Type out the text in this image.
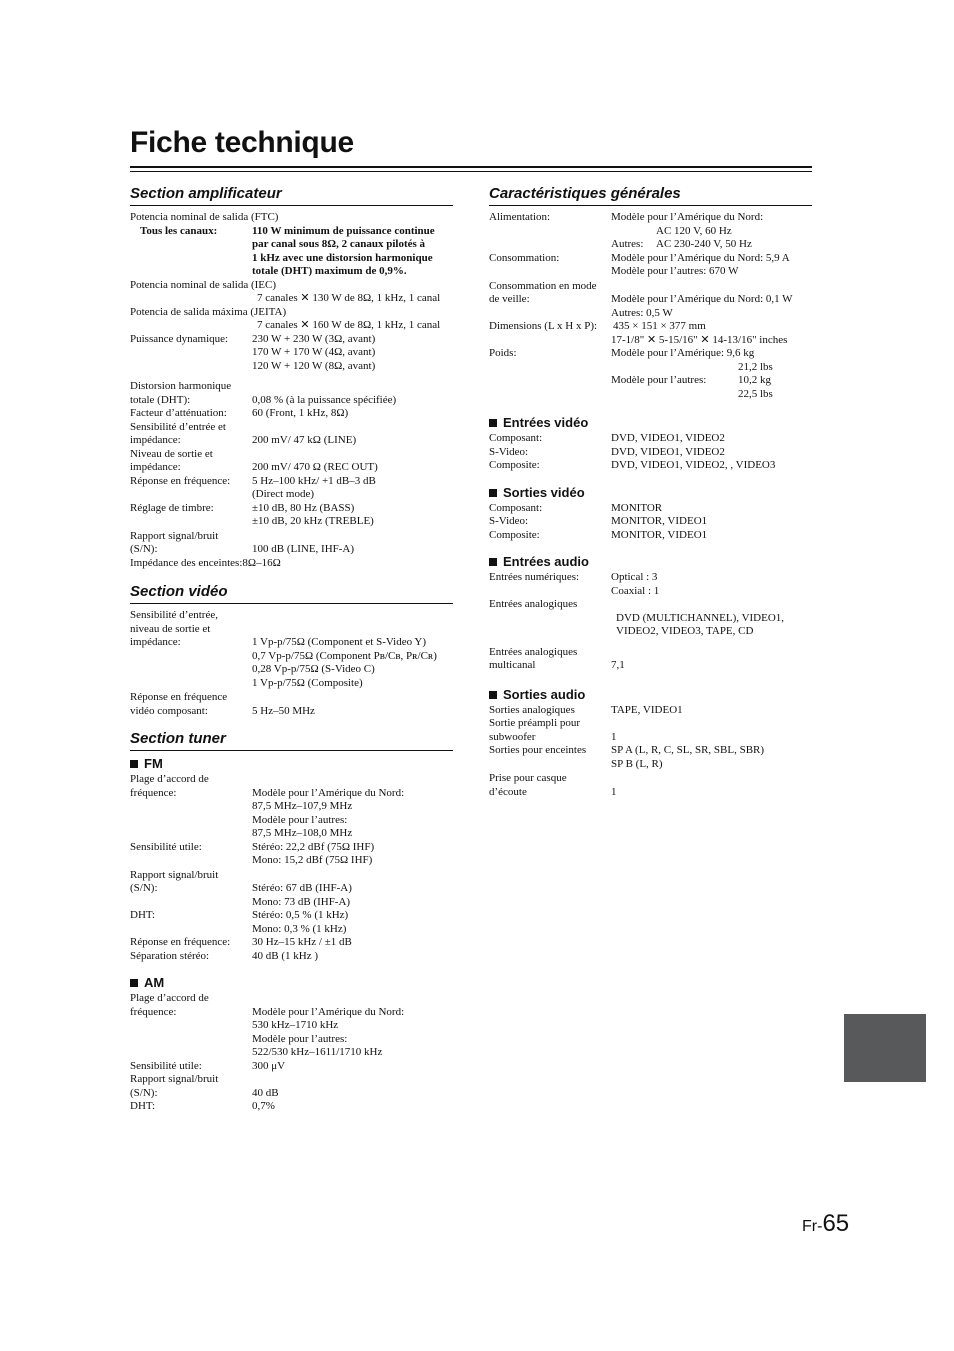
Fiche technique
Section amplificateur
Potencia nominal de salida (FTC)
Tous les canaux:	110 W minimum de puissance continue
par canal sous 8Ω, 2 canaux pilotés à
1 kHz avec une distorsion harmonique
totale (DHT) maximum de 0,9%.
Potencia nominal de salida (IEC)
7 canales ✕ 130 W de 8Ω, 1 kHz, 1 canal
Potencia de salida máxima (JEITA)
7 canales ✕ 160 W de 8Ω, 1 kHz, 1 canal
Puissance dynamique:	230 W + 230 W (3Ω, avant)
170 W + 170 W (4Ω, avant)
120 W + 120 W (8Ω, avant)
Distorsion harmonique
totale (DHT):	0,08 % (à la puissance spécifiée)
Facteur d’atténuation:	60 (Front, 1 kHz, 8Ω)
Sensibilité d’entrée et
impédance:	200 mV/ 47 kΩ (LINE)
Niveau de sortie et
impédance:	200 mV/ 470 Ω (REC OUT)
Réponse en fréquence:	5 Hz–100 kHz/ +1 dB–3 dB
(Direct mode)
Réglage de timbre:	±10 dB, 80 Hz (BASS)
±10 dB, 20 kHz (TREBLE)
Rapport signal/bruit
(S/N):	100 dB (LINE, IHF-A)
Impédance des enceintes:8Ω–16Ω
Section vidéo
Sensibilité d’entrée,
niveau de sortie et
impédance:	1 Vp-p/75Ω (Component et S-Video Y)
0,7 Vp-p/75Ω (Component Pʙ/Cʙ, Pʀ/Cʀ)
0,28 Vp-p/75Ω (S-Video C)
1 Vp-p/75Ω (Composite)
Réponse en fréquence
vidéo composant:	5 Hz–50 MHz
Section tuner
FM
Plage d’accord de
fréquence:	Modèle pour l’Amérique du Nord:
87,5 MHz–107,9 MHz
Modèle pour l’autres:
87,5 MHz–108,0 MHz
Sensibilité utile:	Stéréo: 22,2 dBf (75Ω IHF)
Mono: 15,2 dBf (75Ω IHF)
Rapport signal/bruit
(S/N):	Stéréo: 67 dB (IHF-A)
Mono: 73 dB (IHF-A)
DHT:	Stéréo: 0,5 % (1 kHz)
Mono: 0,3 % (1 kHz)
Réponse en fréquence:	30 Hz–15 kHz / ±1 dB
Séparation stéréo:	40 dB (1 kHz )
AM
Plage d’accord de
fréquence:	Modèle pour l’Amérique du Nord:
530 kHz–1710 kHz
Modèle pour l’autres:
522/530 kHz–1611/1710 kHz
Sensibilité utile:	300 μV
Rapport signal/bruit
(S/N):	40 dB
DHT:	0,7%
Caractéristiques générales
Alimentation:	Modèle pour l’Amérique du Nord:
AC 120 V, 60 Hz
Autres: AC 230-240 V, 50 Hz
Consommation:	Modèle pour l’Amérique du Nord: 5,9 A
Modèle pour l’autres: 670 W
Consommation en mode
de veille:	Modèle pour l’Amérique du Nord: 0,1 W
Autres: 0,5 W
Dimensions (L x H x P):	435 × 151 × 377 mm
17-1/8" ✕ 5-15/16" ✕ 14-13/16" inches
Poids:	Modèle pour l’Amérique: 9,6 kg
21,2 lbs
Modèle pour l’autres:	10,2 kg
22,5 lbs
Entrées vidéo
Composant:	DVD, VIDEO1, VIDEO2
S-Video:	DVD, VIDEO1, VIDEO2
Composite:	DVD, VIDEO1, VIDEO2, , VIDEO3
Sorties vidéo
Composant:	MONITOR
S-Video:	MONITOR, VIDEO1
Composite:	MONITOR, VIDEO1
Entrées audio
Entrées numériques:	Optical : 3
Coaxial : 1
Entrées analogiques
DVD (MULTICHANNEL), VIDEO1,
VIDEO2, VIDEO3, TAPE, CD
Entrées analogiques
multicanal	7,1
Sorties audio
Sorties analogiques	TAPE, VIDEO1
Sortie préampli pour
subwoofer	1
Sorties pour enceintes	SP A (L, R, C, SL, SR, SBL, SBR)
SP B (L, R)
Prise pour casque
d’écoute	1
Fr-65
